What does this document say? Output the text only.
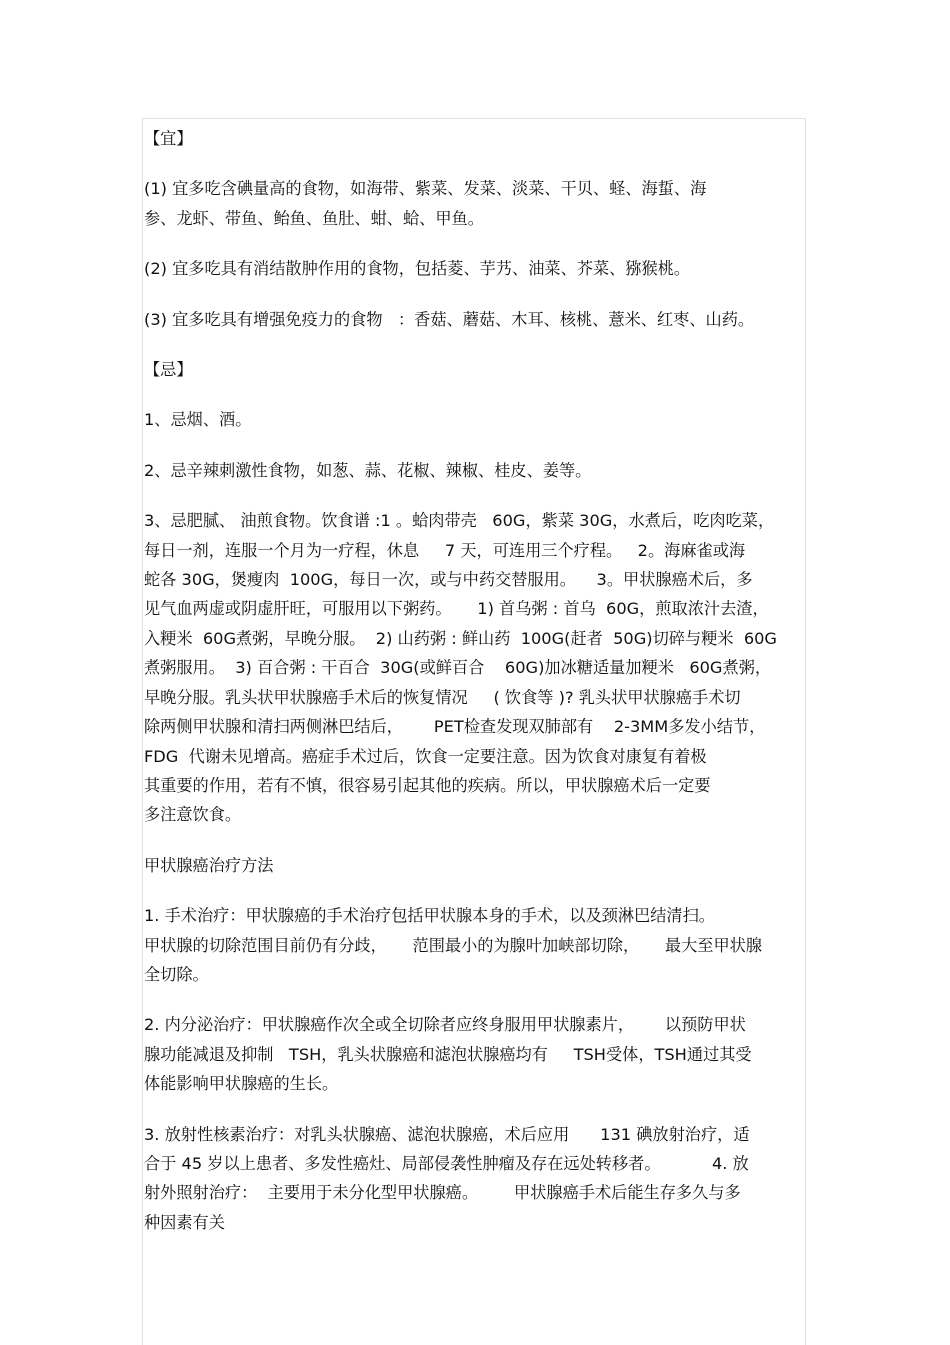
【宜】

(1) 宜多吃含碘量高的食物，如海带、紫菜、发菜、淡菜、干贝、蛏、海蜇、海
参、龙虾、带鱼、鲐鱼、鱼肚、蚶、蛤、甲鱼。

(2) 宜多吃具有消结散肿作用的食物，包括菱、芋艿、油菜、芥菜、猕猴桃。

(3) 宜多吃具有增强免疫力的食物   ：香菇、蘑菇、木耳、核桃、薏米、红枣、山药。

【忌】

1、忌烟、酒。

2、忌辛辣刺激性食物，如葱、蒜、花椒、辣椒、桂皮、姜等。

3、忌肥腻、 油煎食物。饮食谱 :1 。蛤肉带壳   60G，紫菜 30G，水煮后，吃肉吃菜，
每日一剂，连服一个月为一疗程，休息     7 天，可连用三个疗程。   2。海麻雀或海
蛇各 30G，煲瘦肉  100G，每日一次，或与中药交替服用。    3。甲状腺癌术后，多
见气血两虚或阴虚肝旺，可服用以下粥药。     1) 首乌粥 : 首乌  60G，煎取浓汁去渣，
入粳米  60G煮粥，早晚分服。  2) 山药粥 : 鲜山药  100G(赶者  50G)切碎与粳米  60G
煮粥服用。  3) 百合粥 : 干百合  30G(或鲜百合    60G)加冰糖适量加粳米   60G煮粥，
早晚分服。乳头状甲状腺癌手术后的恢复情况     ( 饮食等 )? 乳头状甲状腺癌手术切
除两侧甲状腺和清扫两侧淋巴结后，      PET检查发现双肺部有    2-3MM多发小结节，
FDG  代谢未见增高。癌症手术过后，饮食一定要注意。因为饮食对康复有着极
其重要的作用，若有不慎，很容易引起其他的疾病。所以，甲状腺癌术后一定要
多注意饮食。

甲状腺癌治疗方法

1. 手术治疗：甲状腺癌的手术治疗包括甲状腺本身的手术，以及颈淋巴结清扫。
甲状腺的切除范围目前仍有分歧，     范围最小的为腺叶加峡部切除，     最大至甲状腺
全切除。

2. 内分泌治疗：甲状腺癌作次全或全切除者应终身服用甲状腺素片，      以预防甲状
腺功能减退及抑制   TSH，乳头状腺癌和滤泡状腺癌均有     TSH受体，TSH通过其受
体能影响甲状腺癌的生长。

3. 放射性核素治疗：对乳头状腺癌、滤泡状腺癌，术后应用      131 碘放射治疗，适
合于 45 岁以上患者、多发性癌灶、局部侵袭性肿瘤及存在远处转移者。          4. 放
射外照射治疗：  主要用于未分化型甲状腺癌。       甲状腺癌手术后能生存多久与多
种因素有关
